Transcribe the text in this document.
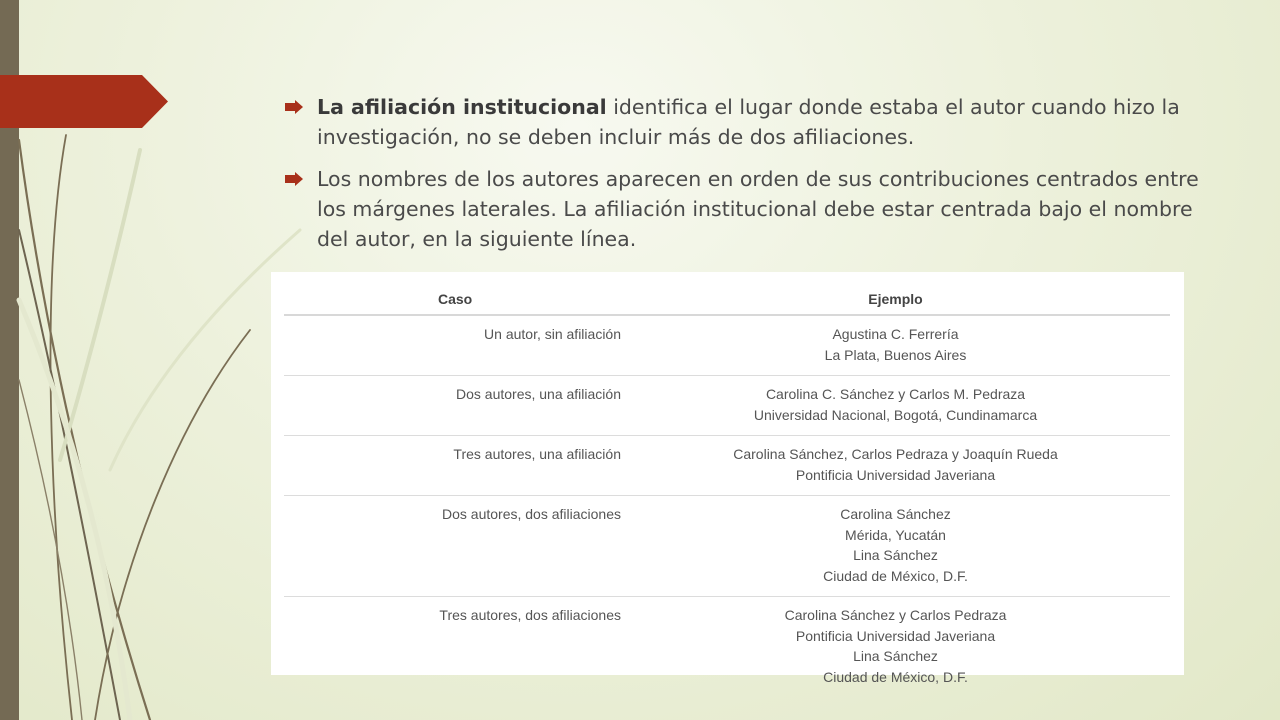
La afiliación institucional identifica el lugar donde estaba el autor cuando hizo la investigación, no se deben incluir más de dos afiliaciones.
Los nombres de los autores aparecen en orden de sus contribuciones centrados entre los márgenes laterales. La afiliación institucional debe estar centrada bajo el nombre del autor, en la siguiente línea.
Caso	Ejemplo
Un autor, sin afiliación	Agustina C. Ferrería
La Plata, Buenos Aires

Dos autores, una afiliación	Carolina C. Sánchez y Carlos M. Pedraza
Universidad Nacional, Bogotá, Cundinamarca

Tres autores, una afiliación	Carolina Sánchez, Carlos Pedraza y Joaquín Rueda
Pontificia Universidad Javeriana

Dos autores, dos afiliaciones	Carolina Sánchez
Mérida, Yucatán
Lina Sánchez
Ciudad de México, D.F.

Tres autores, dos afiliaciones	Carolina Sánchez y Carlos Pedraza
Pontificia Universidad Javeriana
Lina Sánchez
Ciudad de México, D.F.
